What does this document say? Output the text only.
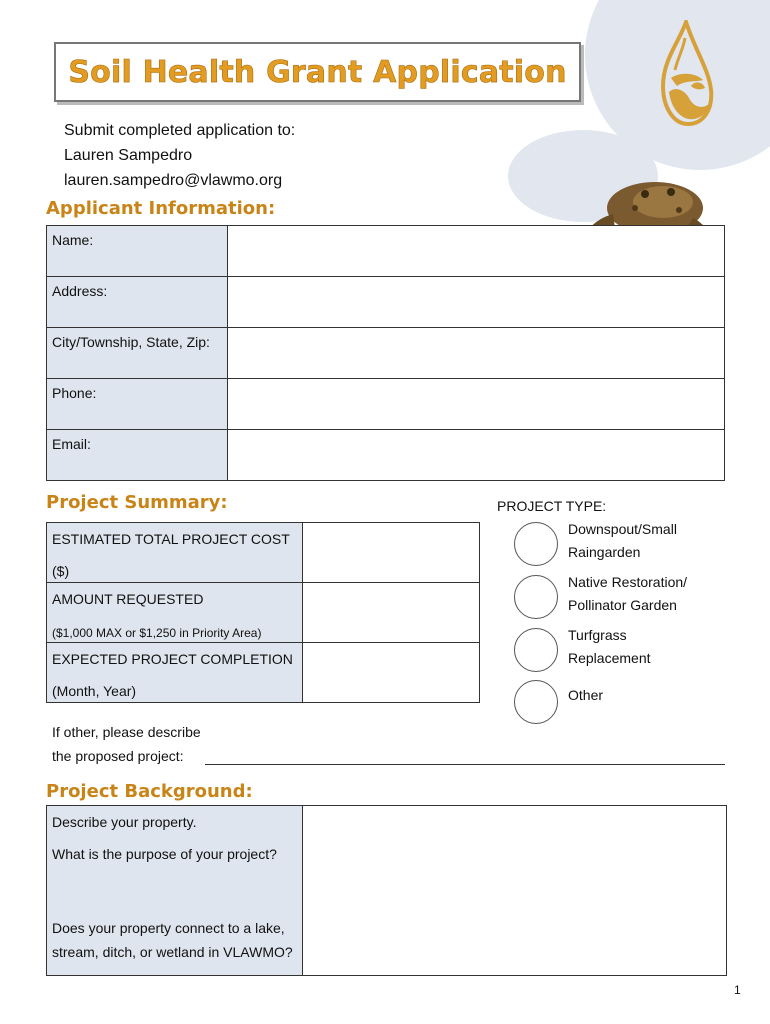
Soil Health Grant Application
Submit completed application to:
Lauren Sampedro
lauren.sampedro@vlawmo.org
Applicant Information:
Name:	
Address:	
City/Township, State, Zip:	
Phone:	
Email:	
Project Summary:
ESTIMATED TOTAL PROJECT COST
($)	

AMOUNT REQUESTED
($1,000 MAX or $1,250 in Priority Area)	

EXPECTED PROJECT COMPLETION
(Month, Year)	

PROJECT TYPE:
Downspout/Small
Raingarden
Native Restoration/
Pollinator Garden
Turfgrass
Replacement
Other
If other, please describe
the proposed project:
Project Background:
Describe your property.
What is the purpose of your project?
Does your property connect to a lake,
stream, ditch, or wetland in VLAWMO?

1
